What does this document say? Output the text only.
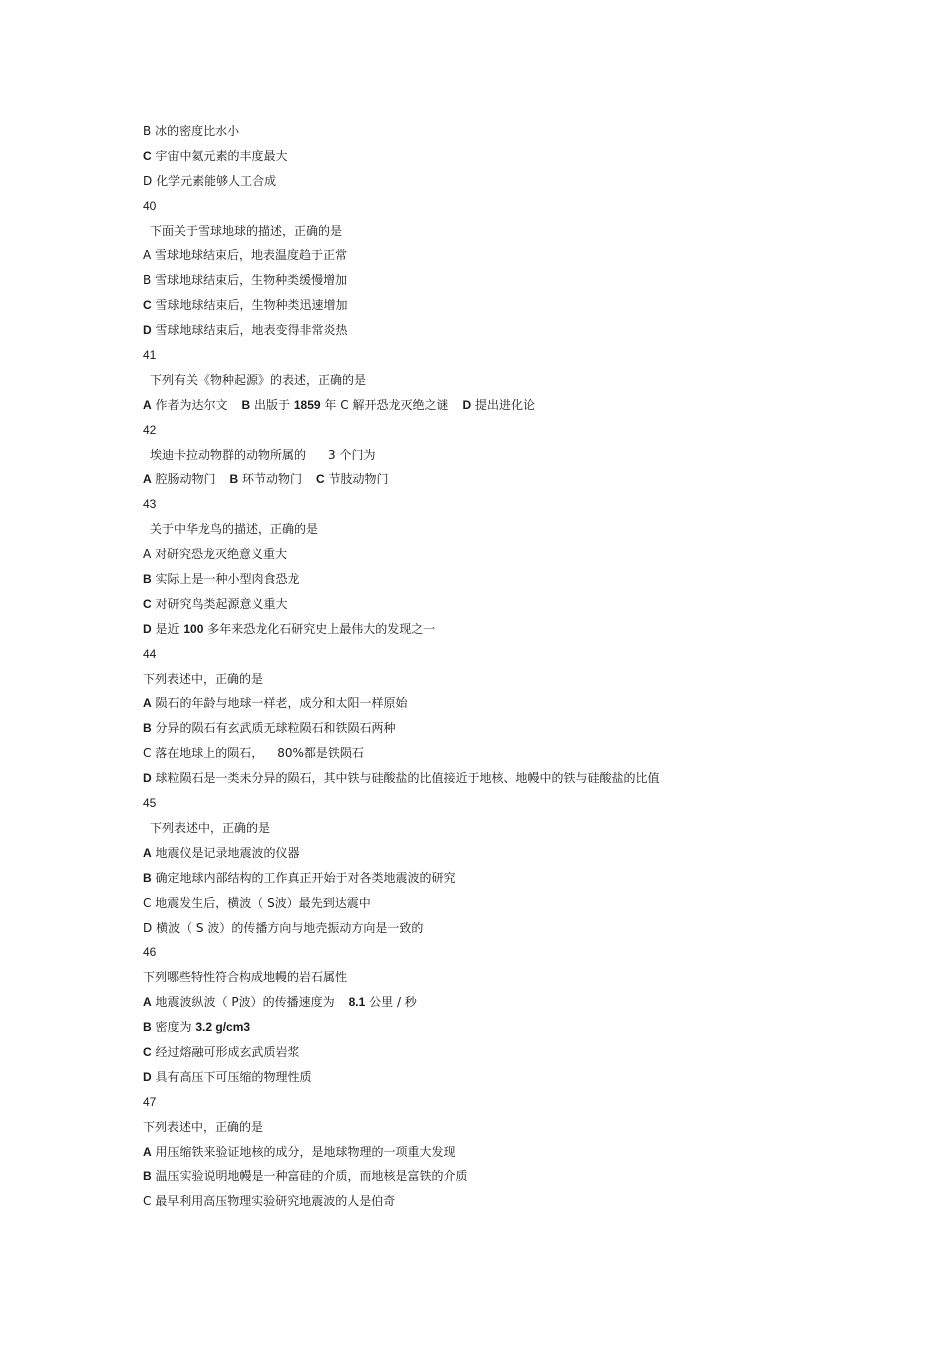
B 冰的密度比水小
C 宇宙中氦元素的丰度最大
D 化学元素能够人工合成
40
下面关于雪球地球的描述，正确的是
A 雪球地球结束后，地表温度趋于正常
B 雪球地球结束后，生物种类缓慢增加
C 雪球地球结束后，生物种类迅速增加
D 雪球地球结束后，地表变得非常炎热
41
下列有关《物种起源》的表述，正确的是
A 作者为达尔文 B 出版于 1859 年 C 解开恐龙灭绝之谜 D 提出进化论
42
埃迪卡拉动物群的动物所属的 3 个门为
A 腔肠动物门 B 环节动物门 C 节肢动物门
43
关于中华龙鸟的描述，正确的是
A 对研究恐龙灭绝意义重大
B 实际上是一种小型肉食恐龙
C 对研究鸟类起源意义重大
D 是近 100 多年来恐龙化石研究史上最伟大的发现之一
44
下列表述中，正确的是
A 陨石的年龄与地球一样老，成分和太阳一样原始
B 分异的陨石有玄武质无球粒陨石和铁陨石两种
C 落在地球上的陨石， 80%都是铁陨石
D 球粒陨石是一类未分异的陨石，其中铁与硅酸盐的比值接近于地核、地幔中的铁与硅酸盐的比值
45
下列表述中，正确的是
A 地震仪是记录地震波的仪器
B 确定地球内部结构的工作真正开始于对各类地震波的研究
C 地震发生后，横波（ S波）最先到达震中
D 横波（ S 波）的传播方向与地壳振动方向是一致的
46
下列哪些特性符合构成地幔的岩石属性
A 地震波纵波（ P波）的传播速度为 8.1 公里 / 秒
B 密度为 3.2 g/cm3
C 经过熔融可形成玄武质岩浆
D 具有高压下可压缩的物理性质
47
下列表述中，正确的是
A 用压缩铁来验证地核的成分，是地球物理的一项重大发现
B 温压实验说明地幔是一种富硅的介质，而地核是富铁的介质
C 最早利用高压物理实验研究地震波的人是伯奇
